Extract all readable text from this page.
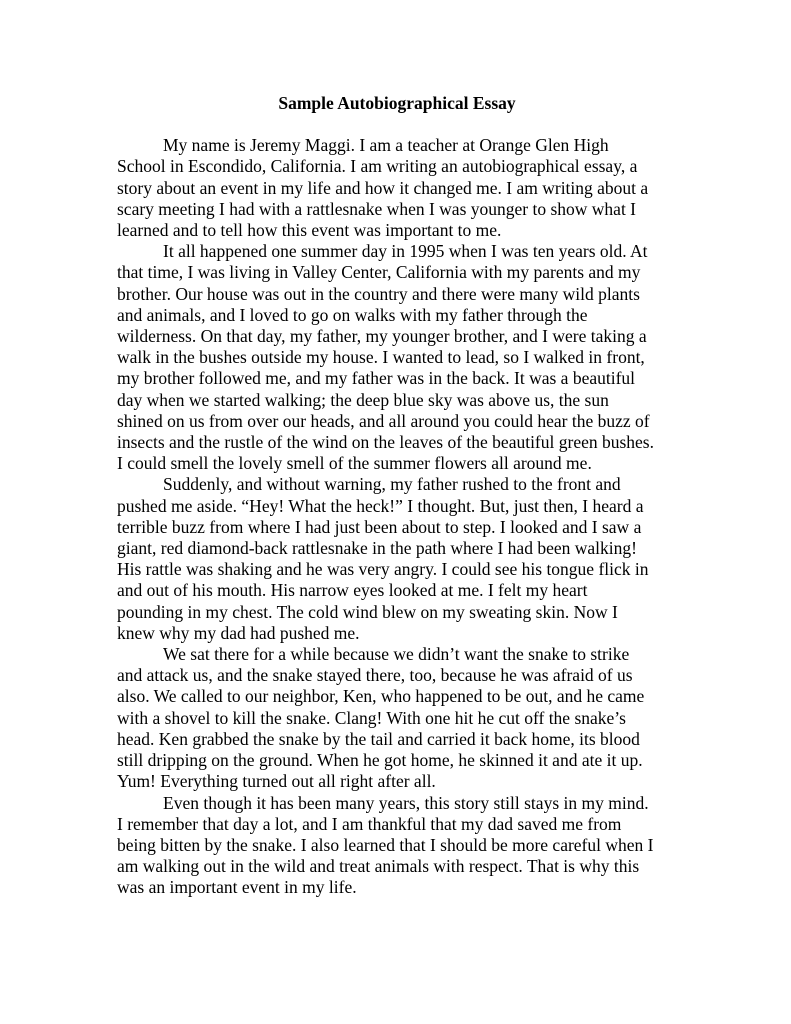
Sample Autobiographical Essay

My name is Jeremy Maggi. I am a teacher at Orange Glen High
School in Escondido, California. I am writing an autobiographical essay, a
story about an event in my life and how it changed me. I am writing about a
scary meeting I had with a rattlesnake when I was younger to show what I
learned and to tell how this event was important to me.

It all happened one summer day in 1995 when I was ten years old. At
that time, I was living in Valley Center, California with my parents and my
brother. Our house was out in the country and there were many wild plants
and animals, and I loved to go on walks with my father through the
wilderness. On that day, my father, my younger brother, and I were taking a
walk in the bushes outside my house. I wanted to lead, so I walked in front,
my brother followed me, and my father was in the back. It was a beautiful
day when we started walking; the deep blue sky was above us, the sun
shined on us from over our heads, and all around you could hear the buzz of
insects and the rustle of the wind on the leaves of the beautiful green bushes.
I could smell the lovely smell of the summer flowers all around me.

Suddenly, and without warning, my father rushed to the front and
pushed me aside. “Hey! What the heck!” I thought. But, just then, I heard a
terrible buzz from where I had just been about to step. I looked and I saw a
giant, red diamond-back rattlesnake in the path where I had been walking!
His rattle was shaking and he was very angry. I could see his tongue flick in
and out of his mouth. His narrow eyes looked at me. I felt my heart
pounding in my chest. The cold wind blew on my sweating skin. Now I
knew why my dad had pushed me.

We sat there for a while because we didn’t want the snake to strike
and attack us, and the snake stayed there, too, because he was afraid of us
also. We called to our neighbor, Ken, who happened to be out, and he came
with a shovel to kill the snake. Clang! With one hit he cut off the snake’s
head. Ken grabbed the snake by the tail and carried it back home, its blood
still dripping on the ground. When he got home, he skinned it and ate it up.
Yum! Everything turned out all right after all.

Even though it has been many years, this story still stays in my mind.
I remember that day a lot, and I am thankful that my dad saved me from
being bitten by the snake. I also learned that I should be more careful when I
am walking out in the wild and treat animals with respect. That is why this
was an important event in my life.
